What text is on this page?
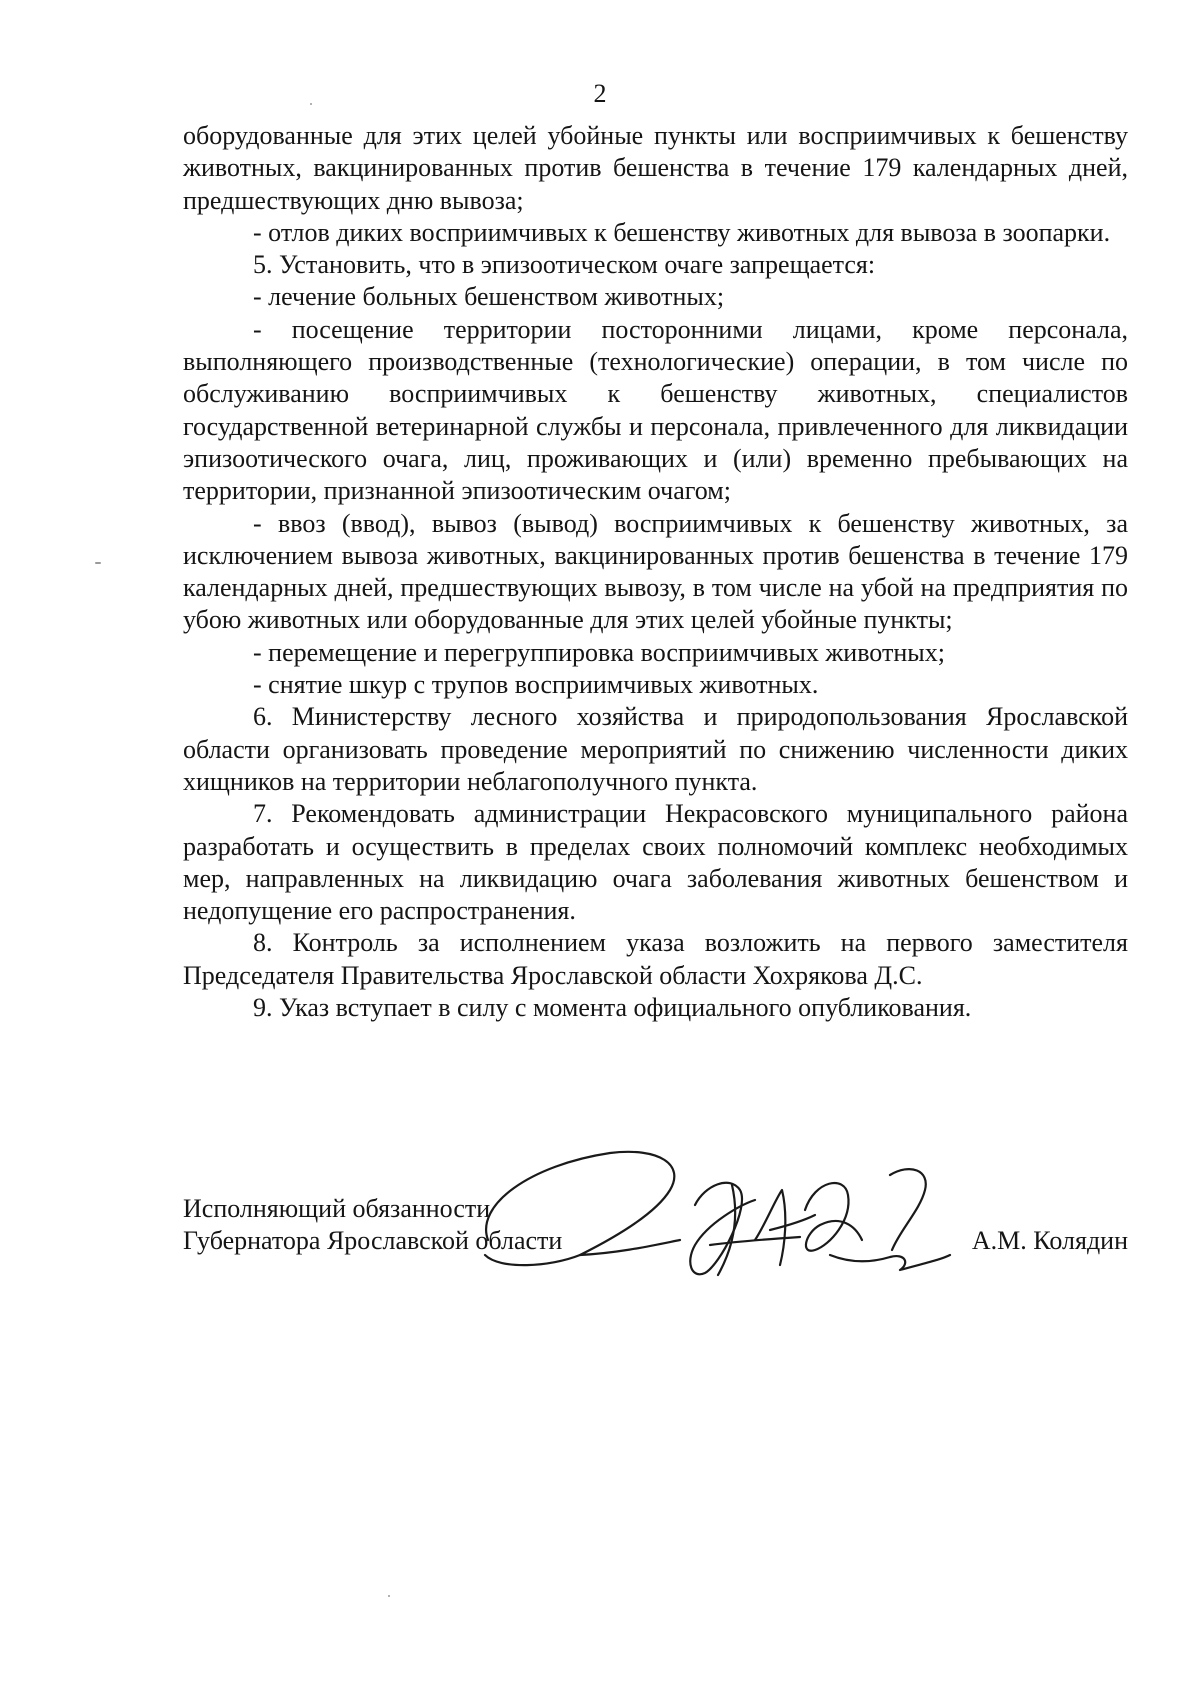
2

оборудованные для этих целей убойные пункты или восприимчивых к бешенству животных, вакцинированных против бешенства в течение 179 календарных дней, предшествующих дню вывоза;

- отлов диких восприимчивых к бешенству животных для вывоза в зоопарки.

5. Установить, что в эпизоотическом очаге запрещается:

- лечение больных бешенством животных;

- посещение территории посторонними лицами, кроме персонала, выполняющего производственные (технологические) операции, в том числе по обслуживанию восприимчивых к бешенству животных, специалистов государственной ветеринарной службы и персонала, привлеченного для ликвидации эпизоотического очага, лиц, проживающих и (или) временно пребывающих на территории, признанной эпизоотическим очагом;

- ввоз (ввод), вывоз (вывод) восприимчивых к бешенству животных, за исключением вывоза животных, вакцинированных против бешенства в течение 179 календарных дней, предшествующих вывозу, в том числе на убой на предприятия по убою животных или оборудованные для этих целей убойные пункты;

- перемещение и перегруппировка восприимчивых животных;

- снятие шкур с трупов восприимчивых животных.

6. Министерству лесного хозяйства и природопользования Ярославской области организовать проведение мероприятий по снижению численности диких хищников на территории неблагополучного пункта.

7. Рекомендовать администрации Некрасовского муниципального района разработать и осуществить в пределах своих полномочий комплекс необходимых мер, направленных на ликвидацию очага заболевания животных бешенством и недопущение его распространения.

8. Контроль за исполнением указа возложить на первого заместителя Председателя Правительства Ярославской области Хохрякова Д.С.

9. Указ вступает в силу с момента официального опубликования.

Исполняющий обязанности
Губернатора Ярославской области	А.М. Колядин
